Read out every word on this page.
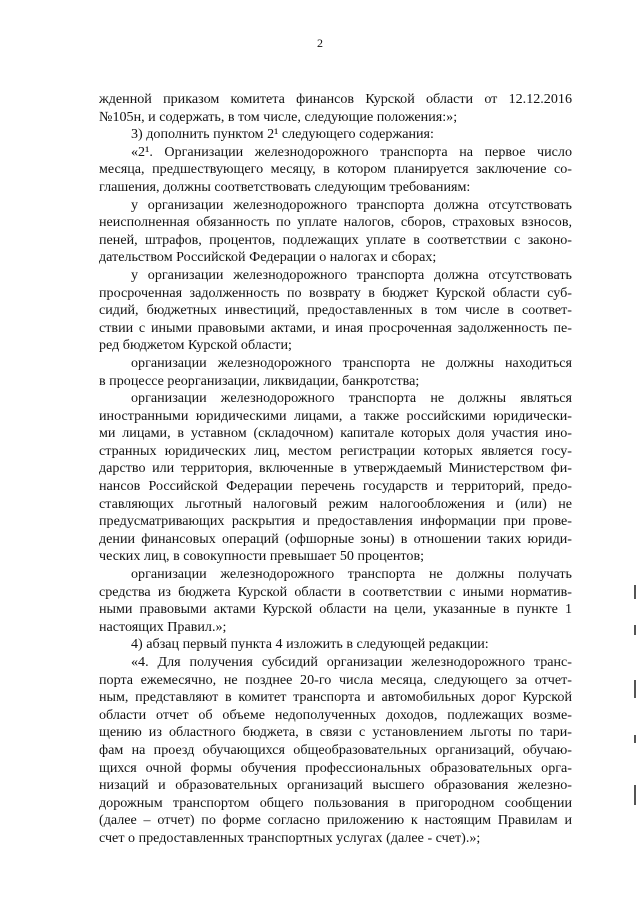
2

жденной приказом комитета финансов Курской области от 12.12.2016
№105н, и содержать, в том числе, следующие положения:»;

3) дополнить пунктом 2¹ следующего содержания:

«2¹. Организации железнодорожного транспорта на первое число
месяца, предшествующего месяцу, в котором планируется заключение со-
глашения, должны соответствовать следующим требованиям:

у организации железнодорожного транспорта должна отсутствовать
неисполненная обязанность по уплате налогов, сборов, страховых взносов,
пеней, штрафов, процентов, подлежащих уплате в соответствии с законо-
дательством Российской Федерации о налогах и сборах;

у организации железнодорожного транспорта должна отсутствовать
просроченная задолженность по возврату в бюджет Курской области суб-
сидий, бюджетных инвестиций, предоставленных в том числе в соответ-
ствии с иными правовыми актами, и иная просроченная задолженность пе-
ред бюджетом Курской области;

организации железнодорожного транспорта не должны находиться
в процессе реорганизации, ликвидации, банкротства;

организации железнодорожного транспорта не должны являться
иностранными юридическими лицами, а также российскими юридически-
ми лицами, в уставном (складочном) капитале которых доля участия ино-
странных юридических лиц, местом регистрации которых является госу-
дарство или территория, включенные в утверждаемый Министерством фи-
нансов Российской Федерации перечень государств и территорий, предо-
ставляющих льготный налоговый режим налогообложения и (или) не
предусматривающих раскрытия и предоставления информации при прове-
дении финансовых операций (офшорные зоны) в отношении таких юриди-
ческих лиц, в совокупности превышает 50 процентов;

организации железнодорожного транспорта не должны получать
средства из бюджета Курской области в соответствии с иными норматив-
ными правовыми актами Курской области на цели, указанные в пункте 1
настоящих Правил.»;

4) абзац первый пункта 4 изложить в следующей редакции:

«4. Для получения субсидий организации железнодорожного транс-
порта ежемесячно, не позднее 20-го числа месяца, следующего за отчет-
ным, представляют в комитет транспорта и автомобильных дорог Курской
области отчет об объеме недополученных доходов, подлежащих возме-
щению из областного бюджета, в связи с установлением льготы по тари-
фам на проезд обучающихся общеобразовательных организаций, обучаю-
щихся очной формы обучения профессиональных образовательных орга-
низаций и образовательных организаций высшего образования железно-
дорожным транспортом общего пользования в пригородном сообщении
(далее – отчет) по форме согласно приложению к настоящим Правилам и
счет о предоставленных транспортных услугах (далее - счет).»;
